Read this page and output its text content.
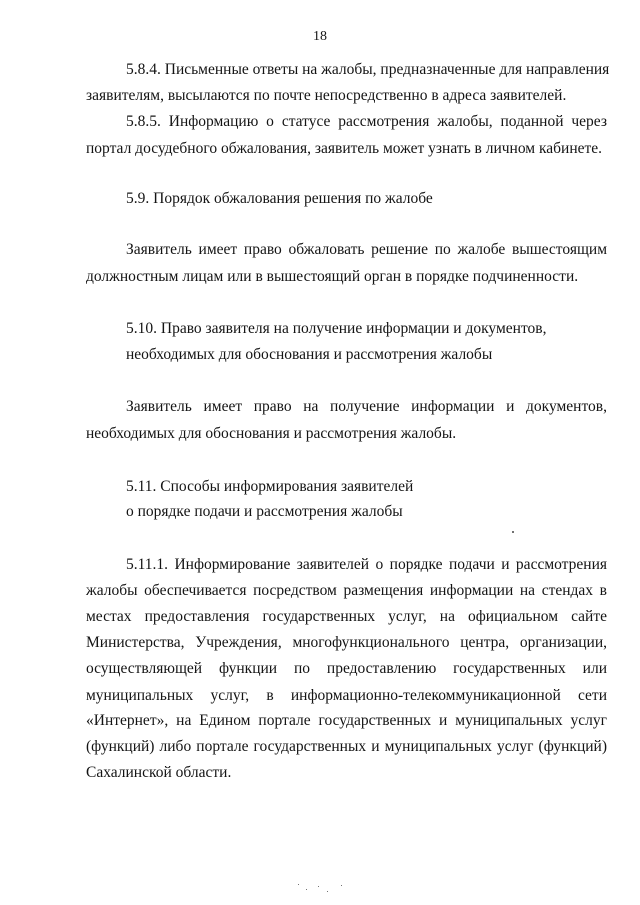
18
5.8.4. Письменные ответы на жалобы, предназначенные для направления
заявителям, высылаются по почте непосредственно в адреса заявителей.
5.8.5. Информацию о статусе рассмотрения жалобы, поданной через
портал досудебного обжалования, заявитель может узнать в личном кабинете.
5.9. Порядок обжалования решения по жалобе
Заявитель имеет право обжаловать решение по жалобе вышестоящим
должностным лицам или в вышестоящий орган в порядке подчиненности.
5.10. Право заявителя на получение информации и документов,
необходимых для обоснования и рассмотрения жалобы
Заявитель имеет право на получение информации и документов,
необходимых для обоснования и рассмотрения жалобы.
5.11. Способы информирования заявителей
о порядке подачи и рассмотрения жалобы
5.11.1. Информирование заявителей о порядке подачи и рассмотрения
жалобы обеспечивается посредством размещения информации на стендах в
местах предоставления государственных услуг, на официальном сайте
Министерства, Учреждения, многофункционального центра, организации,
осуществляющей функции по предоставлению государственных или
муниципальных услуг, в информационно-телекоммуникационной сети
«Интернет», на Едином портале государственных и муниципальных услуг
(функций) либо портале государственных и муниципальных услуг (функций)
Сахалинской области.
